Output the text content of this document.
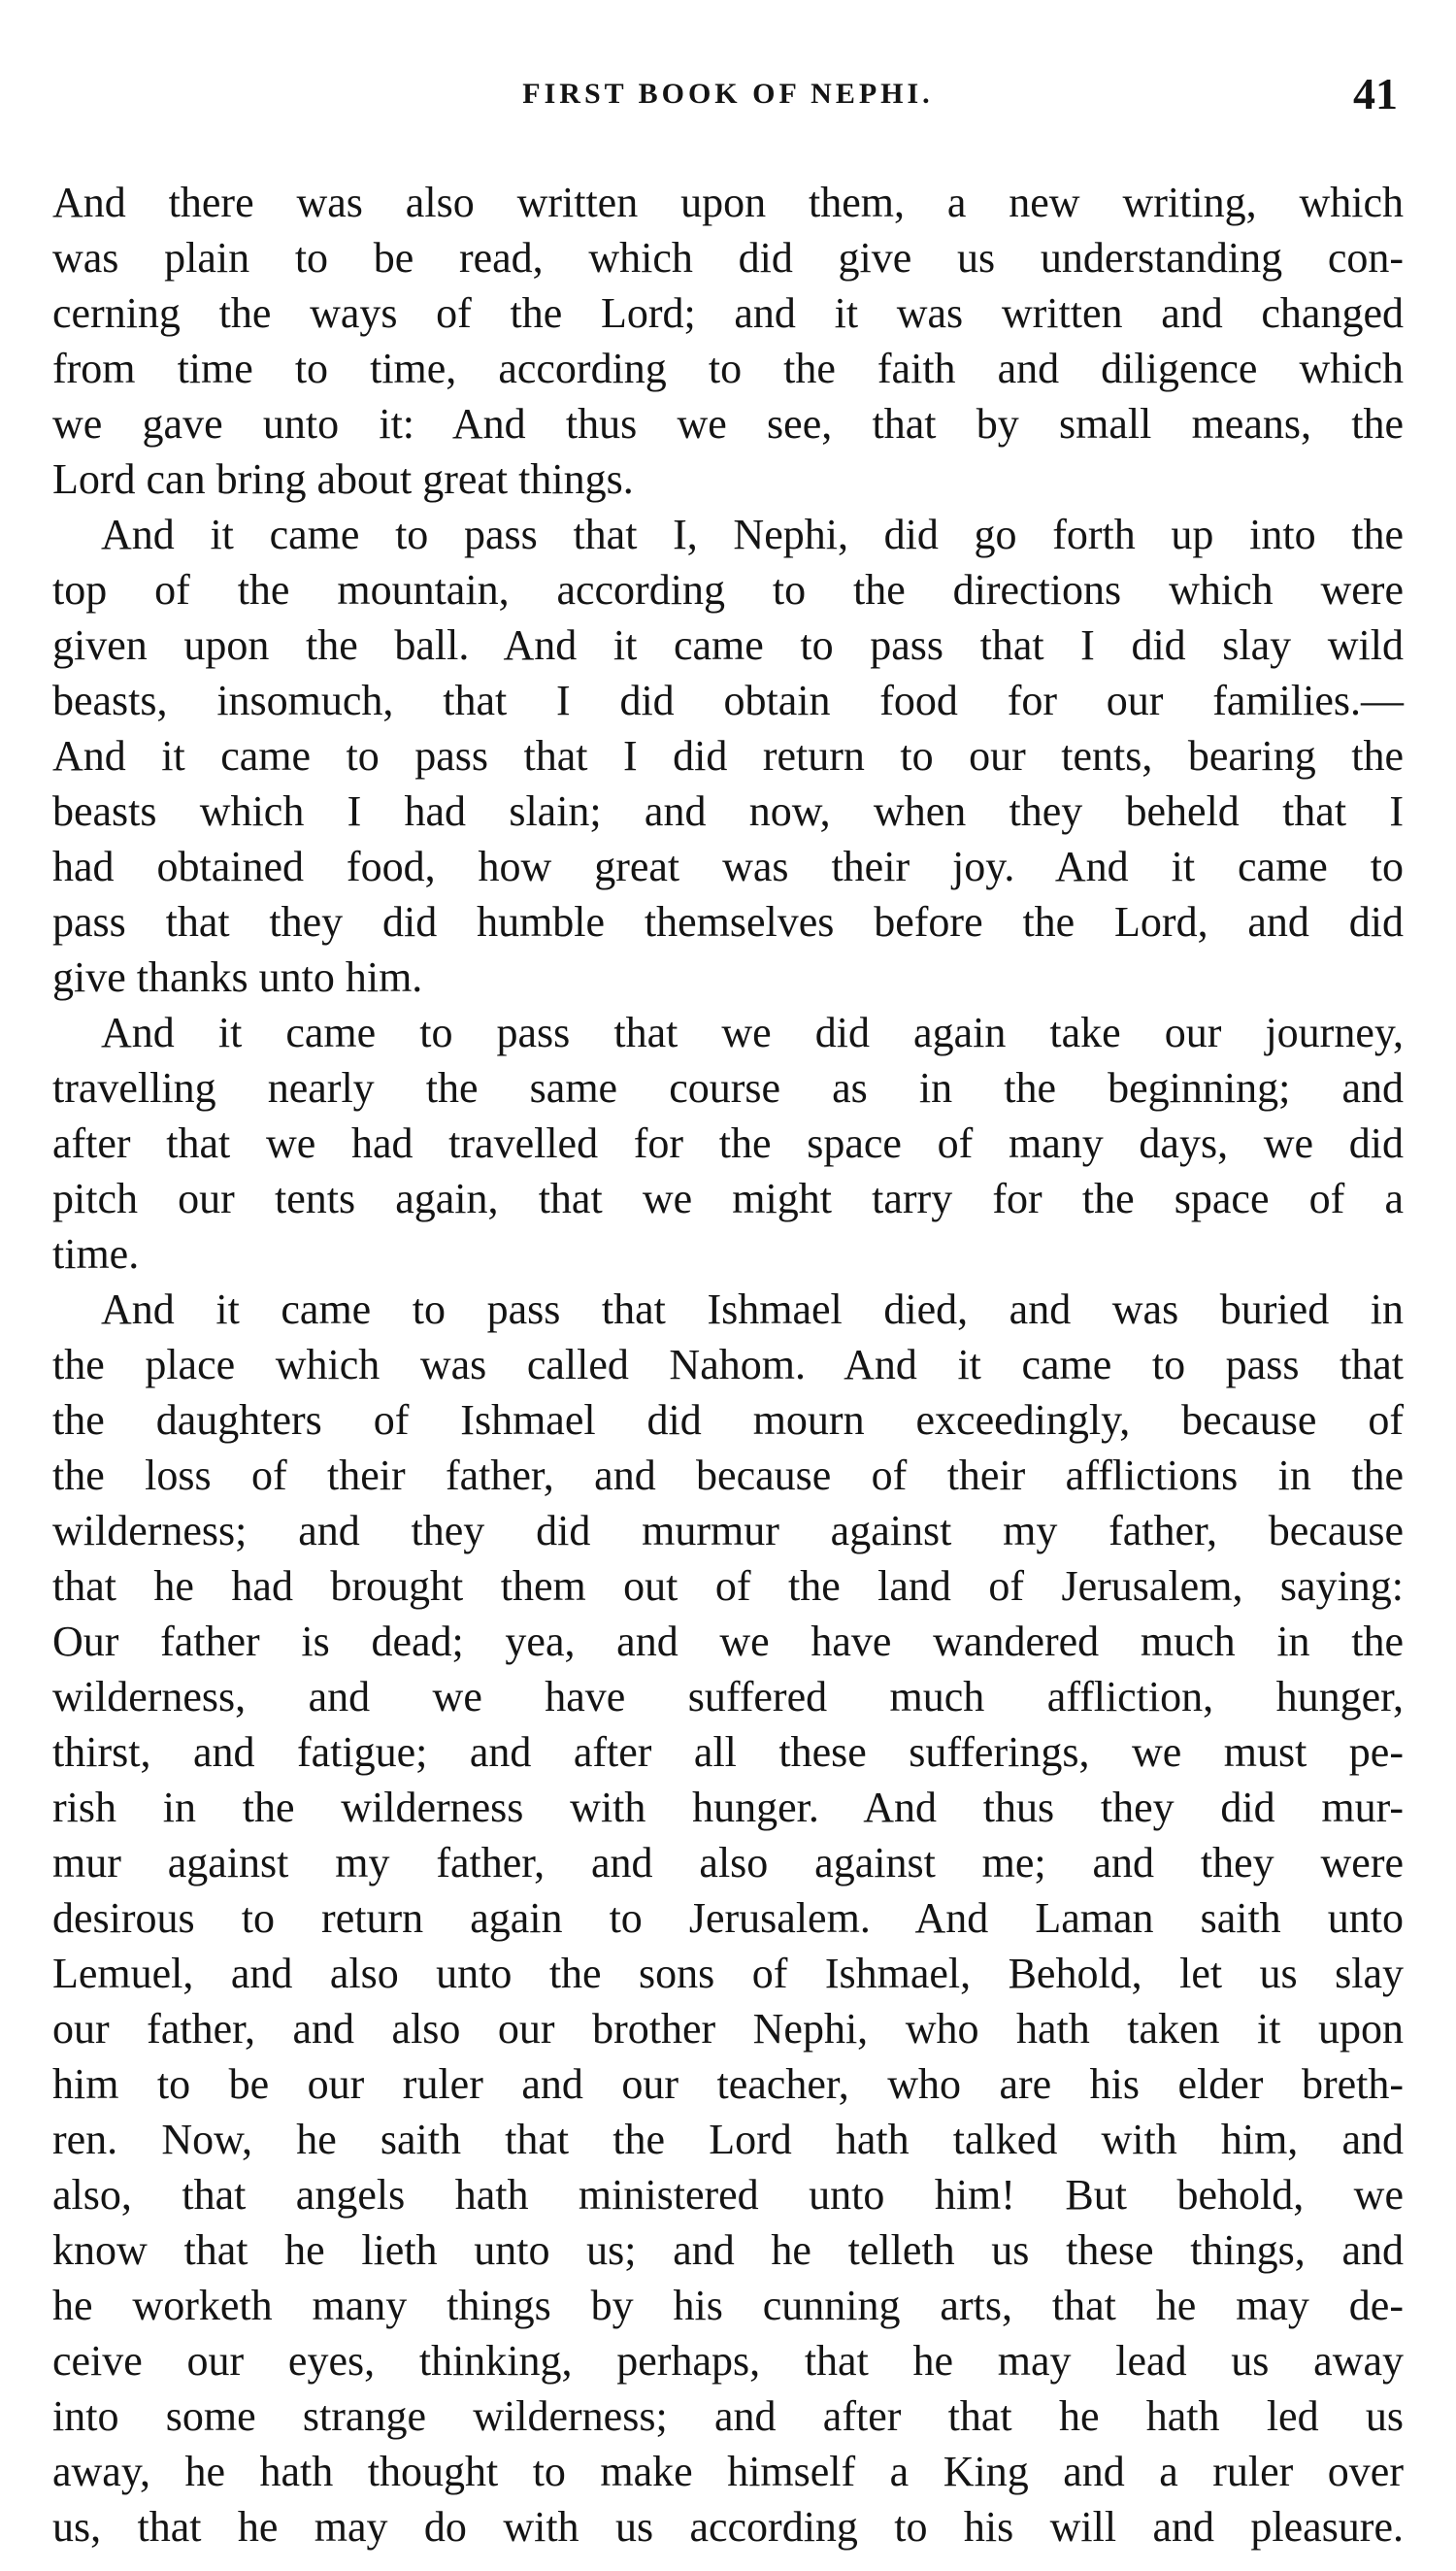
FIRST BOOK OF NEPHI.	41
And there was also written upon them, a new writing, which
was plain to be read, which did give us understanding con-
cerning the ways of the Lord; and it was written and changed
from time to time, according to the faith and diligence which
we gave unto it: And thus we see, that by small means, the
Lord can bring about great things.
And it came to pass that I, Nephi, did go forth up into the
top of the mountain, according to the directions which were
given upon the ball. And it came to pass that I did slay wild
beasts, insomuch, that I did obtain food for our families.—
And it came to pass that I did return to our tents, bearing the
beasts which I had slain; and now, when they beheld that I
had obtained food, how great was their joy. And it came to
pass that they did humble themselves before the Lord, and did
give thanks unto him.
And it came to pass that we did again take our journey,
travelling nearly the same course as in the beginning; and
after that we had travelled for the space of many days, we did
pitch our tents again, that we might tarry for the space of a
time.
And it came to pass that Ishmael died, and was buried in
the place which was called Nahom. And it came to pass that
the daughters of Ishmael did mourn exceedingly, because of
the loss of their father, and because of their afflictions in the
wilderness; and they did murmur against my father, because
that he had brought them out of the land of Jerusalem, saying:
Our father is dead; yea, and we have wandered much in the
wilderness, and we have suffered much affliction, hunger,
thirst, and fatigue; and after all these sufferings, we must pe-
rish in the wilderness with hunger. And thus they did mur-
mur against my father, and also against me; and they were
desirous to return again to Jerusalem. And Laman saith unto
Lemuel, and also unto the sons of Ishmael, Behold, let us slay
our father, and also our brother Nephi, who hath taken it upon
him to be our ruler and our teacher, who are his elder breth-
ren. Now, he saith that the Lord hath talked with him, and
also, that angels hath ministered unto him! But behold, we
know that he lieth unto us; and he telleth us these things, and
he worketh many things by his cunning arts, that he may de-
ceive our eyes, thinking, perhaps, that he may lead us away
into some strange wilderness; and after that he hath led us
away, he hath thought to make himself a King and a ruler over
us, that he may do with us according to his will and pleasure.
